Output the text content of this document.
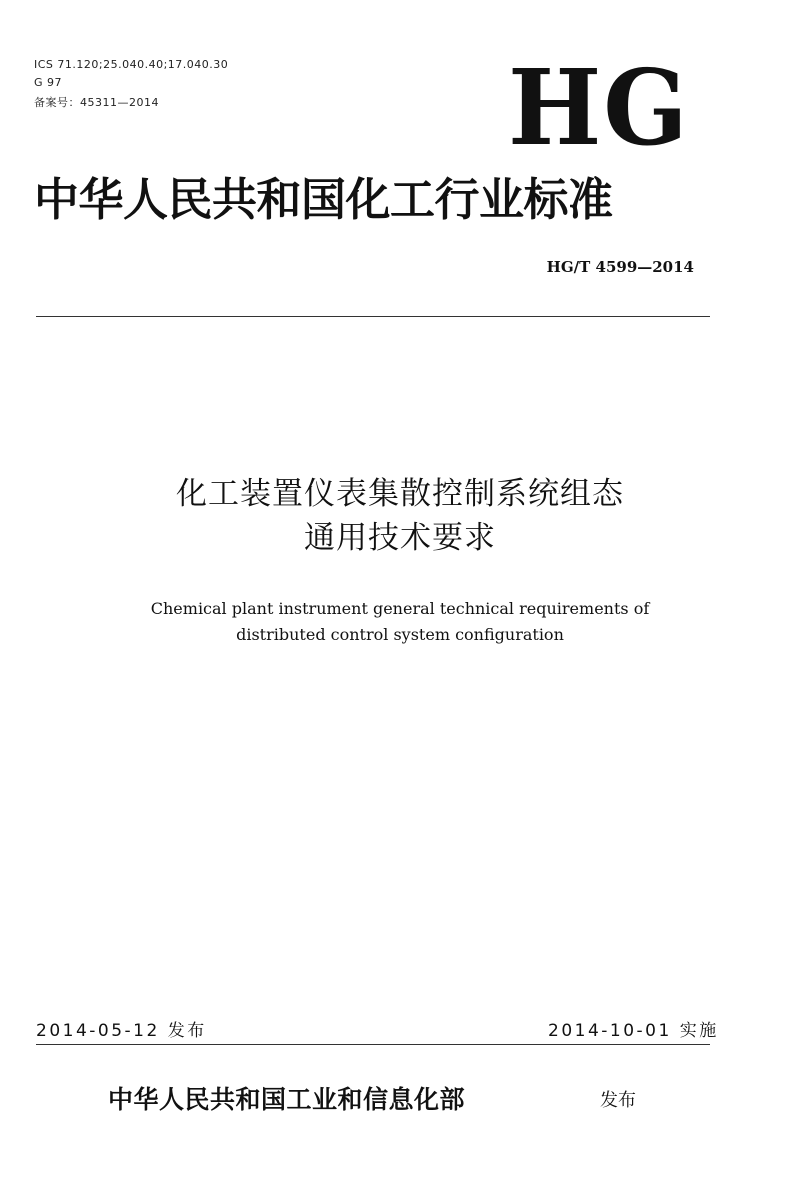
ICS 71.120;25.040.40;17.040.30
G 97
备案号：45311—2014	HG
中华人民共和国化工行业标准
HG/T 4599—2014
化工装置仪表集散控制系统组态
通用技术要求
Chemical plant instrument general technical requirements of
distributed control system configuration
2014-05-12 发布	2014-10-01 实施
中华人民共和国工业和信息化部	发布
